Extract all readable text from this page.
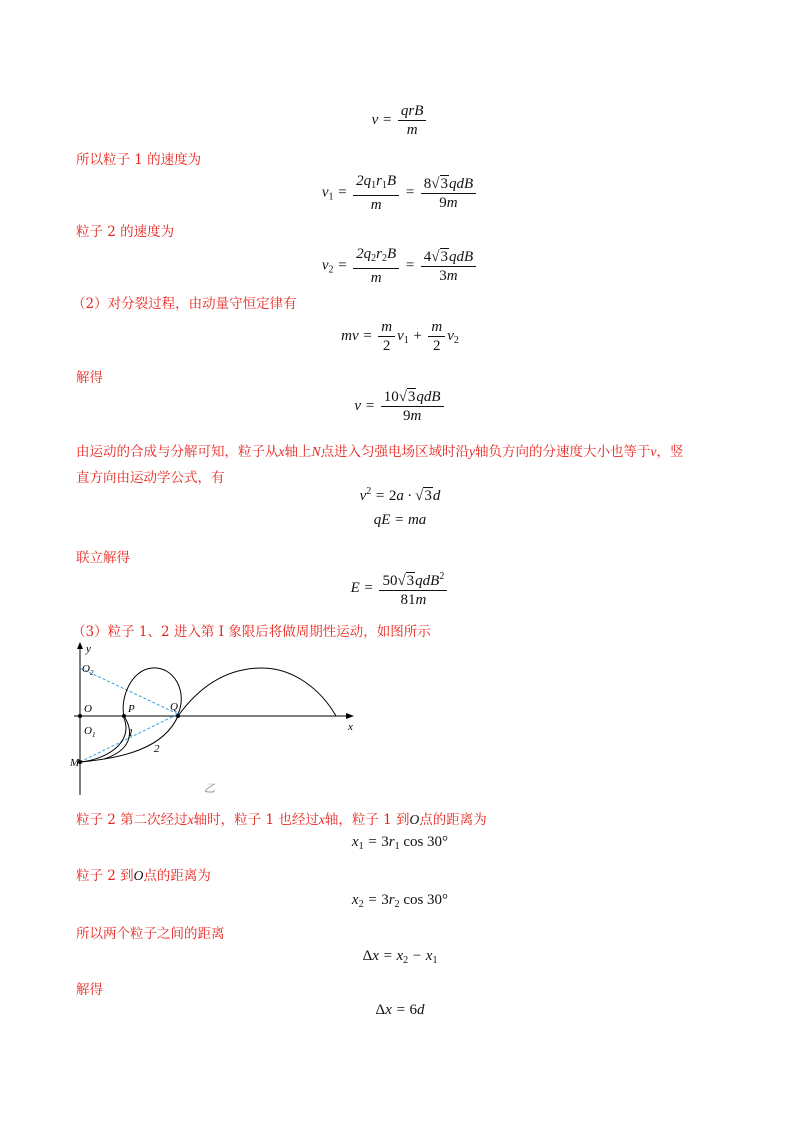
$v = \frac{\text{qrB}}{m}$
所以粒子 1 的速度为
$v_1 = \frac{2q_1r_1B}{m} = \frac{\text{8√3qdB}}{9m}$
粒子 2 的速度为
$v_2 = \frac{2q_2r_2B}{m} = \frac{\text{4√3qdB}}{3m}$
（2）对分裂过程，由动量守恒定律有
mv = $\frac{m}{2} v_1 + \frac{m}{2} v_2$
解得
$v = \frac{\text{10√3qdB}}{9m}$
由运动的合成与分解可知，粒子从x轴上N点进入匀强电场区域时沿y轴负方向的分速度大小也等于v，竖
直方向由运动学公式，有
$v^2 = 2a \cdot √3d$
qE = ma
联立解得
$E = \frac{50√3qdB^2}{81m}$
（3）粒子 1、2 进入第 I 象限后将做周期性运动，如图所示
y
x
$O_2$
O	P	Q
$O_1$
M
1
2
乙
粒子 2 第二次经过x轴时，粒子 1 也经过x轴，粒子 1 到O点的距离为
$x_1 = 3r_1$ cos 30°
粒子 2 到O点的距离为
$x_2 = 3r_2$ cos 30°
所以两个粒子之间的距离
$\Delta x = x_2 - x_1$
解得
Δx = 6d
